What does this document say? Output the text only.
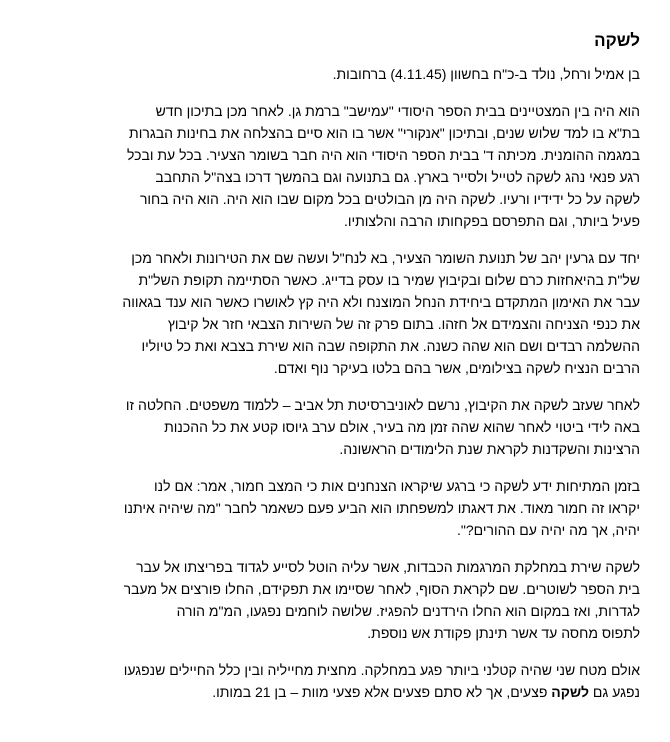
לשקה
בן אמיל ורחל, נולד ב-כ"ח בחשוון (4.11.45) ברחובות.
הוא היה בין המצטיינים בבית הספר היסודי "עמישב" ברמת גן. לאחר מכן בתיכון חדש
בת"א בו למד שלוש שנים, ובתיכון "אנקורי" אשר בו הוא סיים בהצלחה את בחינות הבגרות
במגמה ההומנית. מכיתה ד' בבית הספר היסודי הוא היה חבר בשומר הצעיר. בכל עת ובכל
רגע פנאי נהג לשקה לטייל ולסייר בארץ. גם בתנועה וגם בהמשך דרכו בצה"ל התחבב
לשקה על כל ידידיו ורעיו. לשקה היה מן הבולטים בכל מקום שבו הוא היה. הוא היה בחור
פעיל ביותר, וגם התפרסם בפקחותו הרבה והלצותיו.
יחד עם גרעין יהב של תנועת השומר הצעיר, בא לנח"ל ועשה שם את הטירונות ולאחר מכן
של"ת בהיאחזות כרם שלום ובקיבוץ שמיר בו עסק בדייג. כאשר הסתיימה תקופת השל"ת
עבר את האימון המתקדם ביחידת הנחל המוצנח ולא היה קץ לאושרו כאשר הוא ענד בגאווה
את כנפי הצניחה והצמידם אל חזהו. בתום פרק זה של השירות הצבאי חזר אל קיבוץ
ההשלמה רבדים ושם הוא שהה כשנה. את התקופה שבה הוא שירת בצבא ואת כל טיוליו
הרבים הנציח לשקה בצילומים, אשר בהם בלטו בעיקר נוף ואדם.
לאחר שעזב לשקה את הקיבוץ, נרשם לאוניברסיטת תל אביב – ללמוד משפטים. החלטה זו
באה לידי ביטוי לאחר שהוא שהה זמן מה בעיר, אולם ערב גיוסו קטע את כל ההכנות
הרצינות והשקדנות לקראת שנת הלימודים הראשונה.
בזמן המתיחות ידע לשקה כי ברגע שיקראו הצנחנים אות כי המצב חמור, אמר: אם לנו
יקראו זה חמור מאוד. את דאגתו למשפחתו הוא הביע פעם כשאמר לחבר "מה שיהיה איתנו
יהיה, אך מה יהיה עם ההורים?".
לשקה שירת במחלקת המרגמות הכבדות, אשר עליה הוטל לסייע לגדוד בפריצתו אל עבר
בית הספר לשוטרים. שם לקראת הסוף, לאחר שסיימו את תפקידם, החלו פורצים אל מעבר
לגדרות, ואז במקום הוא החלו הירדנים להפגיז. שלושה לוחמים נפגעו, המ"מ הורה
לתפוס מחסה עד אשר תינתן פקודת אש נוספת.
אולם מטח שני שהיה קטלני ביותר פגע במחלקה. מחצית מחייליה ובין כלל החיילים שנפגעו
נפגע גם לשקה פצעים, אך לא סתם פצעים אלא פצעי מוות – בן 21 במותו.
